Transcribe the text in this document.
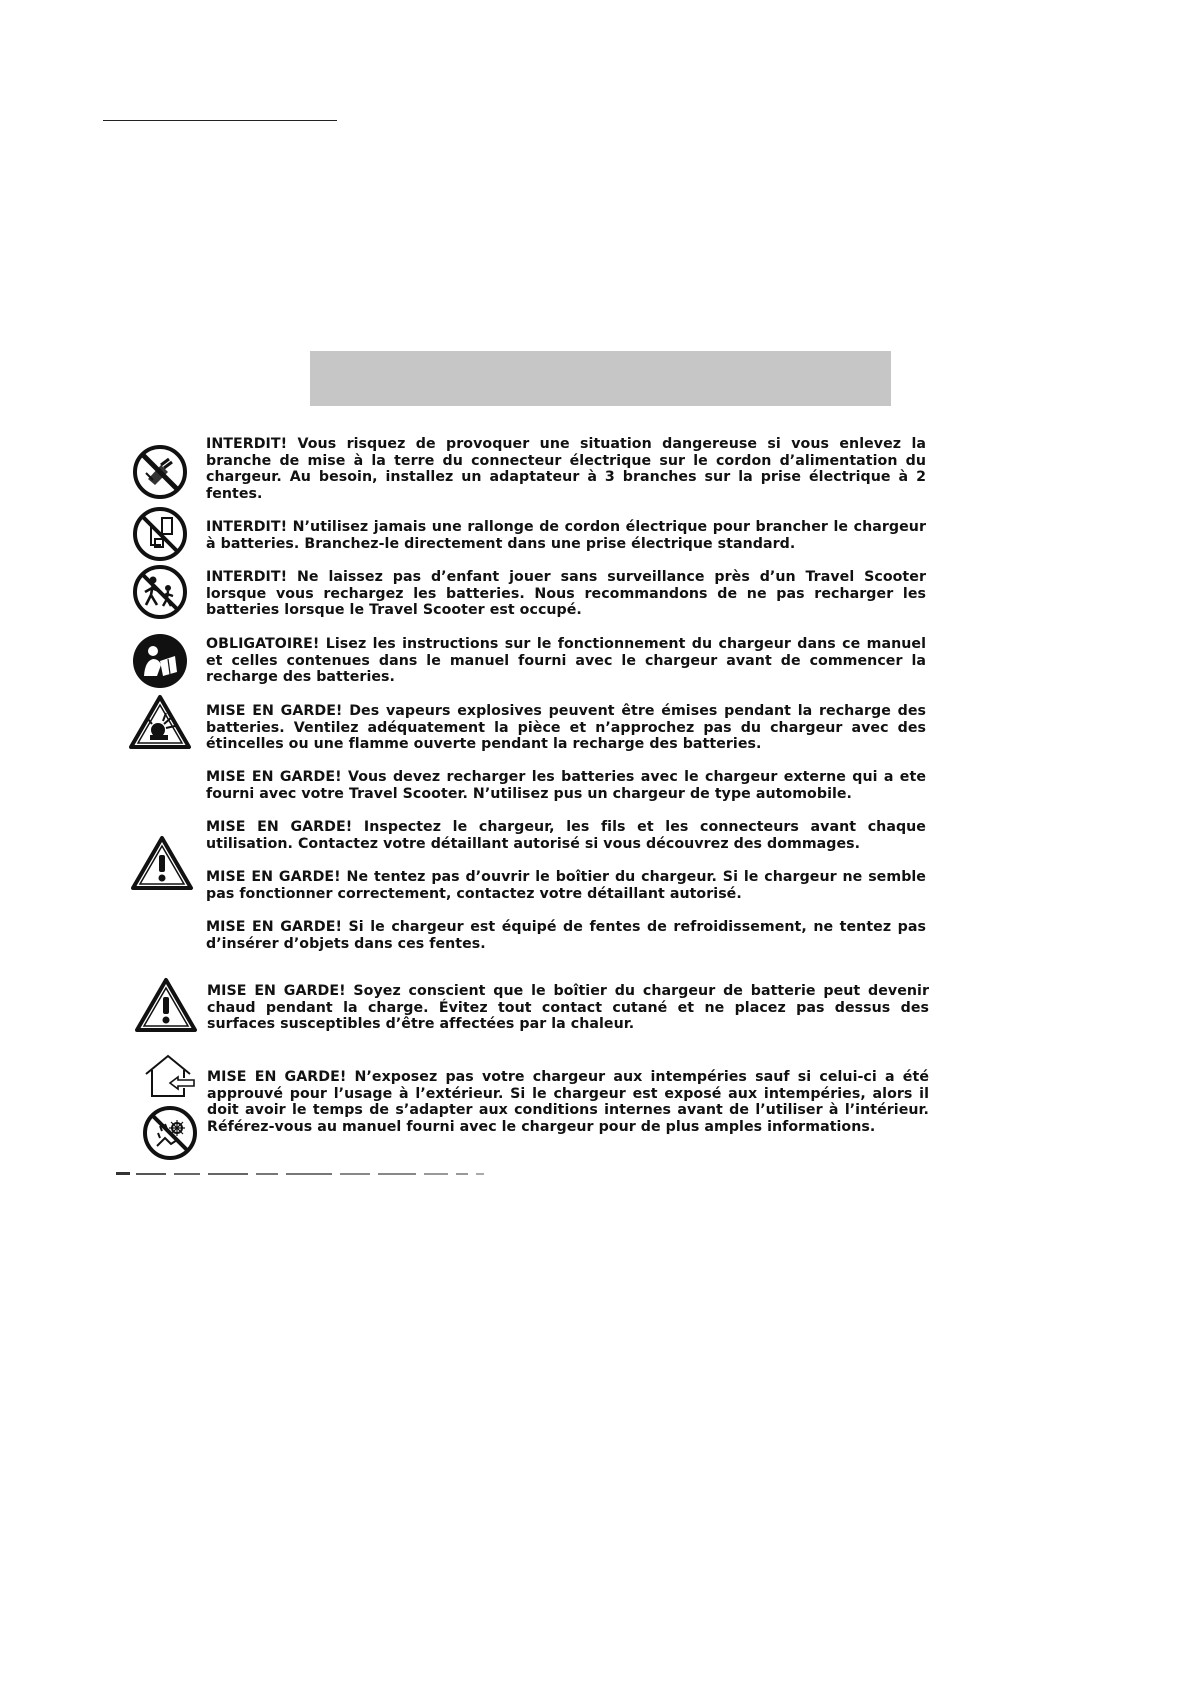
INTERDIT! Vous risquez de provoquer une situation dangereuse si vous enlevez la branche de mise à la terre du connecteur électrique sur le cordon d’alimentation du chargeur. Au besoin, installez un adaptateur à 3 branches sur la prise électrique à 2 fentes.
INTERDIT! N’utilisez jamais une rallonge de cordon électrique pour brancher le chargeur à batteries. Branchez-le directement dans une prise électrique standard.
INTERDIT! Ne laissez pas d’enfant jouer sans surveillance près d’un Travel Scooter lorsque vous rechargez les batteries. Nous recommandons de ne pas recharger les batteries lorsque le Travel Scooter est occupé.
OBLIGATOIRE! Lisez les instructions sur le fonctionnement du chargeur dans ce manuel et celles contenues dans le manuel fourni avec le chargeur avant de commencer la recharge des batteries.
MISE EN GARDE! Des vapeurs explosives peuvent être émises pendant la recharge des batteries. Ventilez adéquatement la pièce et n’approchez pas du chargeur avec des étincelles ou une flamme ouverte pendant la recharge des batteries.
MISE EN GARDE! Vous devez recharger les batteries avec le chargeur externe qui a ete fourni avec votre Travel Scooter. N’utilisez pus un chargeur de type automobile.
MISE EN GARDE! Inspectez le chargeur, les fils et les connecteurs avant chaque utilisation. Contactez votre détaillant autorisé si vous découvrez des dommages.
MISE EN GARDE! Ne tentez pas d’ouvrir le boîtier du chargeur. Si le chargeur ne semble pas fonctionner correctement, contactez votre détaillant autorisé.
MISE EN GARDE! Si le chargeur est équipé de fentes de refroidissement, ne tentez pas d’insérer d’objets dans ces fentes.
MISE EN GARDE! Soyez conscient que le boîtier du chargeur de batterie peut devenir chaud pendant la charge. Évitez tout contact cutané et ne placez pas dessus des surfaces susceptibles d’être affectées par la chaleur.
MISE EN GARDE! N’exposez pas votre chargeur aux intempéries sauf si celui-ci a été approuvé pour l’usage à l’extérieur. Si le chargeur est exposé aux intempéries, alors il doit avoir le temps de s’adapter aux conditions internes avant de l’utiliser à l’intérieur. Référez-vous au manuel fourni avec le chargeur pour de plus amples informations.
